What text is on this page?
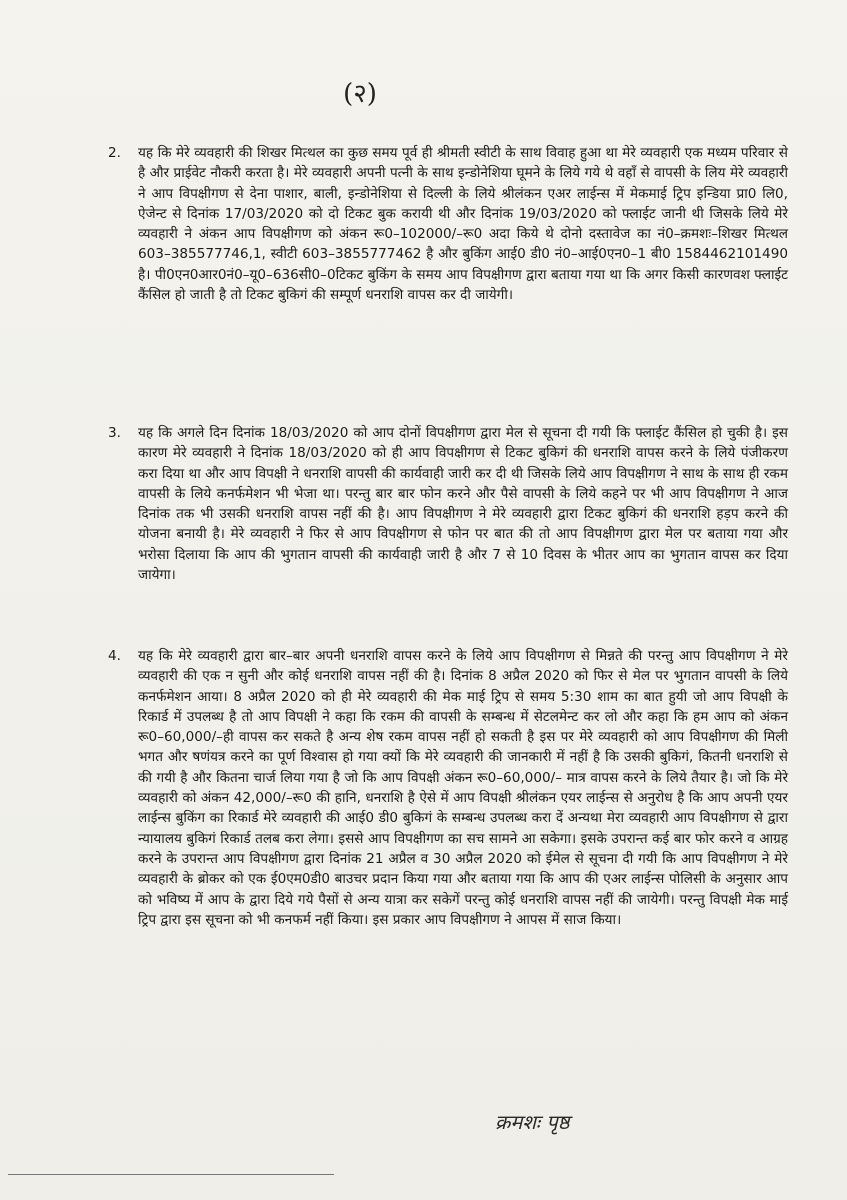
(२)
2. यह कि मेरे व्यवहारी की शिखर मित्थल का कुछ समय पूर्व ही श्रीमती स्वीटी के साथ विवाह हुआ था मेरे व्यवहारी एक मध्यम परिवार से है और प्राईवेट नौकरी करता है। मेरे व्यवहारी अपनी पत्नी के साथ इन्डोनेशिया घूमने के लिये गये थे वहाँ से वापसी के लिय मेरे व्यवहारी ने आप विपक्षीगण से देना पाशार, बाली, इन्डोनेशिया से दिल्ली के लिये श्रीलंकन एअर लाईन्स में मेकमाई ट्रिप इन्डिया प्रा0 लि0, ऐजेन्ट से दिनांक 17/03/2020 को दो टिकट बुक करायी थी और दिनांक 19/03/2020 को फ्लाईट जानी थी जिसके लिये मेरे व्यवहारी ने अंकन आप विपक्षीगण को अंकन रू0–102000/–रू0 अदा किये थे दोनो दस्तावेज का नं0–क्रमशः–शिखर मित्थल 603–385577746,1, स्वीटी 603–3855777462 है और बुकिंग आई0 डी0 नं0–आई0एन0–1 बी0 1584462101490 है। पी0एन0आर0नं0–यू0–636सी0–0टिकट बुकिंग के समय आप विपक्षीगण द्वारा बताया गया था कि अगर किसी कारणवश फ्लाईट कैंसिल हो जाती है तो टिकट बुकिगं की सम्पूर्ण धनराशि वापस कर दी जायेगी।
3. यह कि अगले दिन दिनांक 18/03/2020 को आप दोनों विपक्षीगण द्वारा मेल से सूचना दी गयी कि फ्लाईट कैंसिल हो चुकी है। इस कारण मेरे व्यवहारी ने दिनांक 18/03/2020 को ही आप विपक्षीगण से टिकट बुकिगं की धनराशि वापस करने के लिये पंजीकरण करा दिया था और आप विपक्षी ने धनराशि वापसी की कार्यवाही जारी कर दी थी जिसके लिये आप विपक्षीगण ने साथ के साथ ही रकम वापसी के लिये कनर्फमेशन भी भेजा था। परन्तु बार बार फोन करने और पैसे वापसी के लिये कहने पर भी आप विपक्षीगण ने आज दिनांक तक भी उसकी धनराशि वापस नहीं की है। आप विपक्षीगण ने मेरे व्यवहारी द्वारा टिकट बुकिगं की धनराशि हड़प करने की योजना बनायी है। मेरे व्यवहारी ने फिर से आप विपक्षीगण से फोन पर बात की तो आप विपक्षीगण द्वारा मेल पर बताया गया और भरोसा दिलाया कि आप की भुगतान वापसी की कार्यवाही जारी है और 7 से 10 दिवस के भीतर आप का भुगतान वापस कर दिया जायेगा।
4. यह कि मेरे व्यवहारी द्वारा बार–बार अपनी धनराशि वापस करने के लिये आप विपक्षीगण से मिन्नते की परन्तु आप विपक्षीगण ने मेरे व्यवहारी की एक न सुनी और कोई धनराशि वापस नहीं की है। दिनांक 8 अप्रैल 2020 को फिर से मेल पर भुगतान वापसी के लिये कनर्फमेशन आया। 8 अप्रैल 2020 को ही मेरे व्यवहारी की मेक माई ट्रिप से समय 5:30 शाम का बात हुयी जो आप विपक्षी के रिकार्ड में उपलब्ध है तो आप विपक्षी ने कहा कि रकम की वापसी के सम्बन्ध में सेटलमेन्ट कर लो और कहा कि हम आप को अंकन रू0–60,000/–ही वापस कर सकते है अन्य शेष रकम वापस नहीं हो सकती है इस पर मेरे व्यवहारी को आप विपक्षीगण की मिली भगत और षणंयत्र करने का पूर्ण विश्वास हो गया क्यों कि मेरे व्यवहारी की जानकारी में नहीं है कि उसकी बुकिगं, कितनी धनराशि से की गयी है और कितना चार्ज लिया गया है जो कि आप विपक्षी अंकन रू0–60,000/– मात्र वापस करने के लिये तैयार है। जो कि मेरे व्यवहारी को अंकन 42,000/–रू0 की हानि, धनराशि है ऐसे में आप विपक्षी श्रीलंकन एयर लाईन्स से अनुरोध है कि आप अपनी एयर लाईन्स बुकिंग का रिकार्ड मेरे व्यवहारी की आई0 डी0 बुकिगं के सम्बन्ध उपलब्ध करा दें अन्यथा मेरा व्यवहारी आप विपक्षीगण से द्वारा न्यायालय बुकिगं रिकार्ड तलब करा लेगा। इससे आप विपक्षीगण का सच सामने आ सकेगा। इसके उपरान्त कई बार फोर करने व आग्रह करने के उपरान्त आप विपक्षीगण द्वारा दिनांक 21 अप्रैल व 30 अप्रैल 2020 को ईमेल से सूचना दी गयी कि आप विपक्षीगण ने मेरे व्यवहारी के ब्रोकर को एक ई0एम0डी0 बाउचर प्रदान किया गया और बताया गया कि आप की एअर लाईन्स पोलिसी के अनुसार आप को भविष्य में आप के द्वारा दिये गये पैसों से अन्य यात्रा कर सकेगें परन्तु कोई धनराशि वापस नहीं की जायेगी। परन्तु विपक्षी मेक माई ट्रिप द्वारा इस सूचना को भी कनफर्म नहीं किया। इस प्रकार आप विपक्षीगण ने आपस में साज किया।
क्रमशः पृष्ठ
